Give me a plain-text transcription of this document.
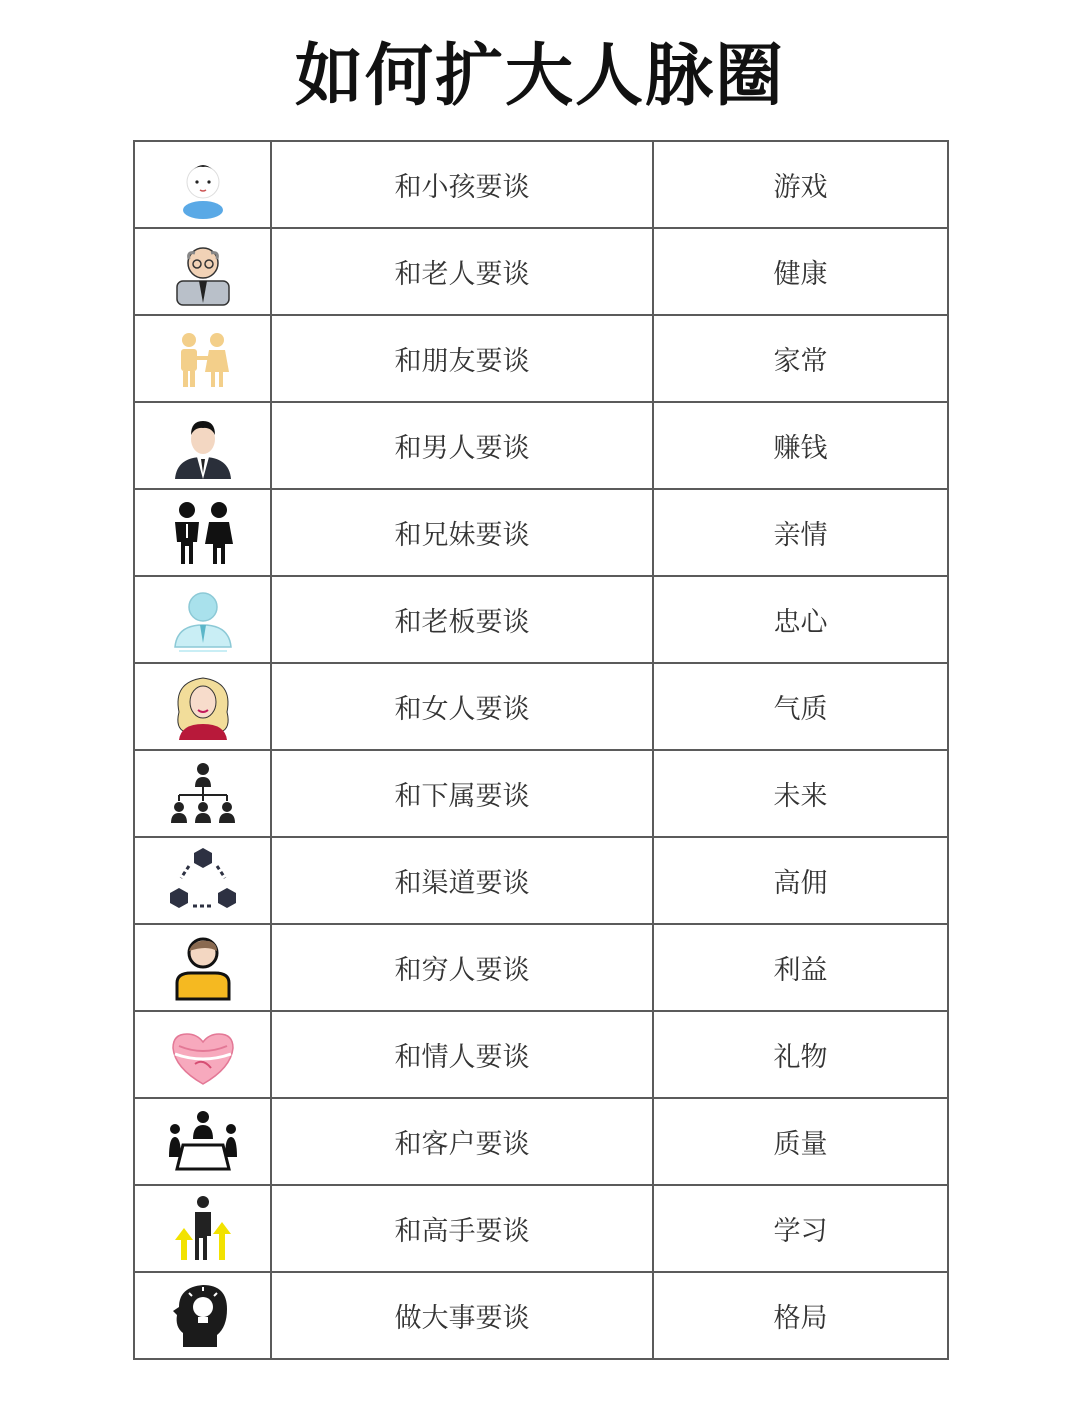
如何扩大人脉圈
	和小孩要谈	游戏

	和老人要谈	健康

	和朋友要谈	家常

	和男人要谈	赚钱

	和兄妹要谈	亲情

	和老板要谈	忠心

	和女人要谈	气质

	和下属要谈	未来

	和渠道要谈	高佣

	和穷人要谈	利益

	和情人要谈	礼物

	和客户要谈	质量

	和高手要谈	学习

	做大事要谈	格局
